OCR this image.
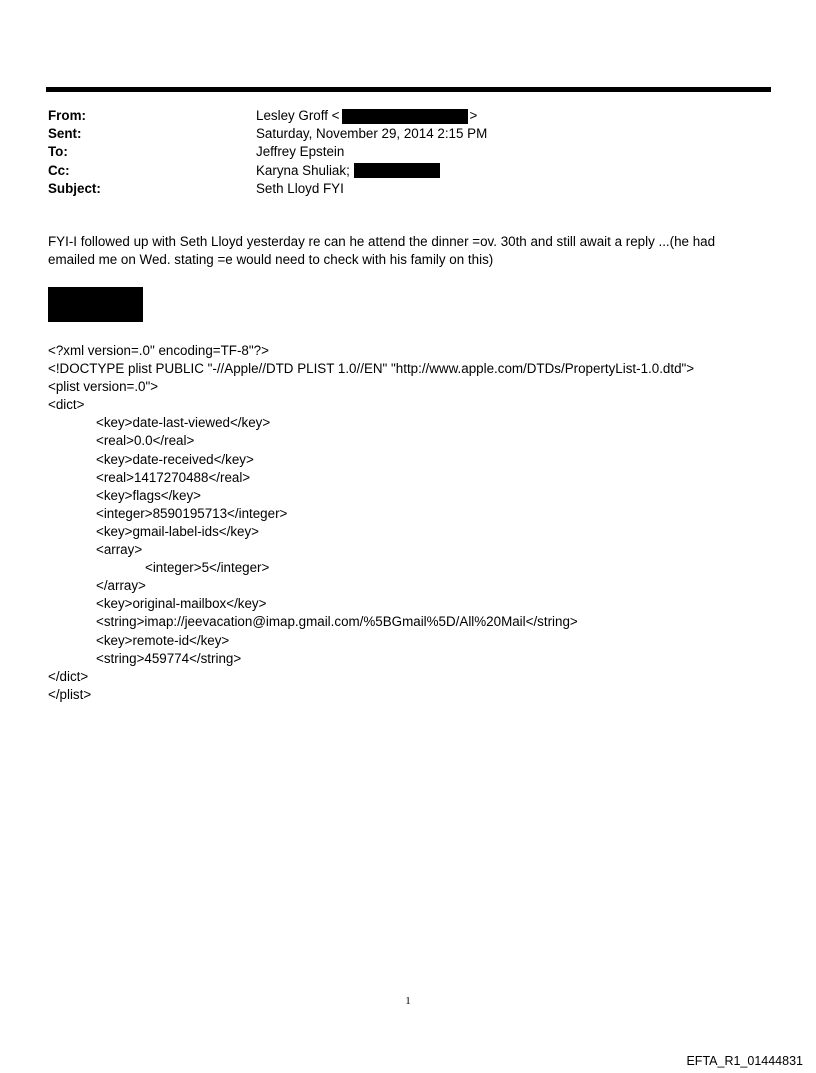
From:	Lesley Groff <	>
Sent:	Saturday, November 29, 2014 2:15 PM
To:	Jeffrey Epstein
Cc:	Karyna Shuliak;
Subject:	Seth Lloyd FYI
FYI-I followed up with Seth Lloyd yesterday re can he attend the dinner =ov. 30th and still await a reply ...(he had emailed me on Wed. stating =e would need to check with his family on this)
<?xml version=.0" encoding=TF-8"?>
<!DOCTYPE plist PUBLIC "-//Apple//DTD PLIST 1.0//EN" "http://www.apple.com/DTDs/PropertyList-1.0.dtd">
<plist version=.0">
<dict>
<key>date-last-viewed</key>
<real>0.0</real>
<key>date-received</key>
<real>1417270488</real>
<key>flags</key>
<integer>8590195713</integer>
<key>gmail-label-ids</key>
<array>
<integer>5</integer>
</array>
<key>original-mailbox</key>
<string>imap://jeevacation@imap.gmail.com/%5BGmail%5D/All%20Mail</string>
<key>remote-id</key>
<string>459774</string>
</dict>
</plist>
1
EFTA_R1_01444831
